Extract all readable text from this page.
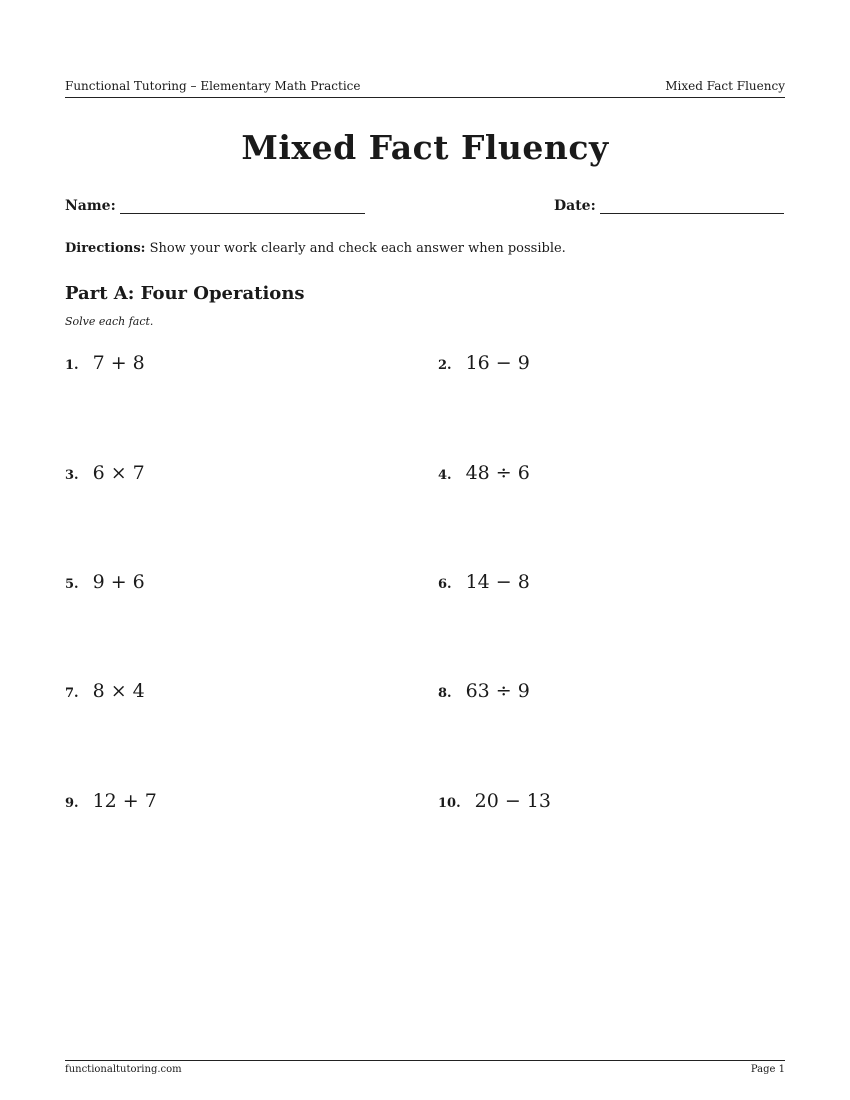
Functional Tutoring – Elementary Math Practice	Mixed Fact Fluency
Mixed Fact Fluency
Name:	Date:
Directions: Show your work clearly and check each answer when possible.
Part A: Four Operations
Solve each fact.
1. 7 + 8	2. 16 − 9
3. 6 × 7	4. 48 ÷ 6
5. 9 + 6	6. 14 − 8
7. 8 × 4	8. 63 ÷ 9
9. 12 + 7	10. 20 − 13
functionaltutoring.com	Page 1
